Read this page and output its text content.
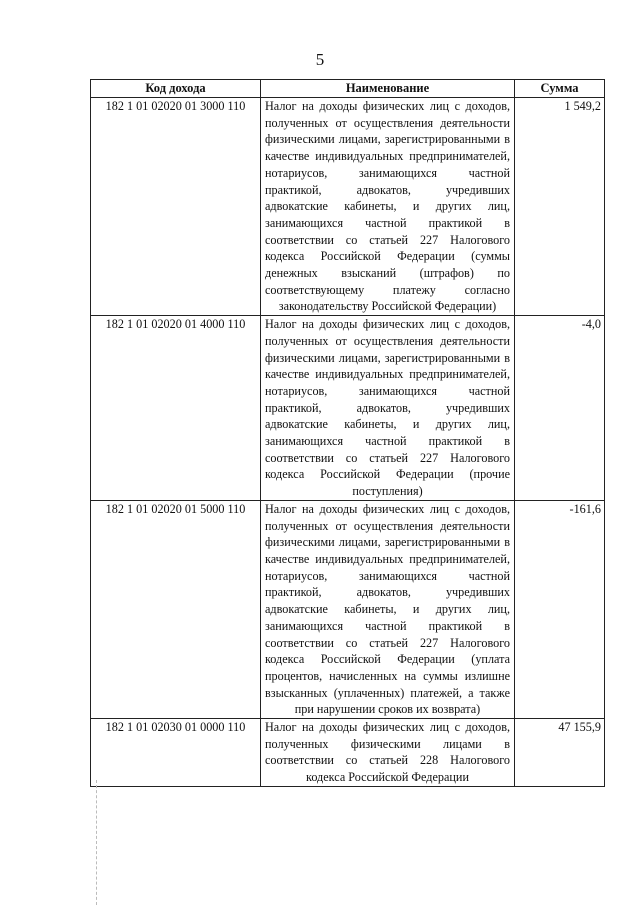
5
Код дохода	Наименование	Сумма
182 1 01 02020 01 3000 110	Налог на доходы физических лиц с доходов, полученных от осуществления деятельности физическими лицами, зарегистрированными в качестве индивидуальных предпринимателей, нотариусов, занимающихся частной практикой, адвокатов, учредивших адвокатские кабинеты, и других лиц, занимающихся частной практикой в соответствии со статьей 227 Налогового кодекса Российской Федерации (суммы денежных взысканий (штрафов) по соответствующему платежу согласно законодательству Российской Федерации)	1 549,2
182 1 01 02020 01 4000 110	Налог на доходы физических лиц с доходов, полученных от осуществления деятельности физическими лицами, зарегистрированными в качестве индивидуальных предпринимателей, нотариусов, занимающихся частной практикой, адвокатов, учредивших адвокатские кабинеты, и других лиц, занимающихся частной практикой в соответствии со статьей 227 Налогового кодекса Российской Федерации (прочие поступления)	-4,0
182 1 01 02020 01 5000 110	Налог на доходы физических лиц с доходов, полученных от осуществления деятельности физическими лицами, зарегистрированными в качестве индивидуальных предпринимателей, нотариусов, занимающихся частной практикой, адвокатов, учредивших адвокатские кабинеты, и других лиц, занимающихся частной практикой в соответствии со статьей 227 Налогового кодекса Российской Федерации (уплата процентов, начисленных на суммы излишне взысканных (уплаченных) платежей, а также при нарушении сроков их возврата)	-161,6
182 1 01 02030 01 0000 110	Налог на доходы физических лиц с доходов, полученных физическими лицами в соответствии со статьей 228 Налогового кодекса Российской Федерации	47 155,9
